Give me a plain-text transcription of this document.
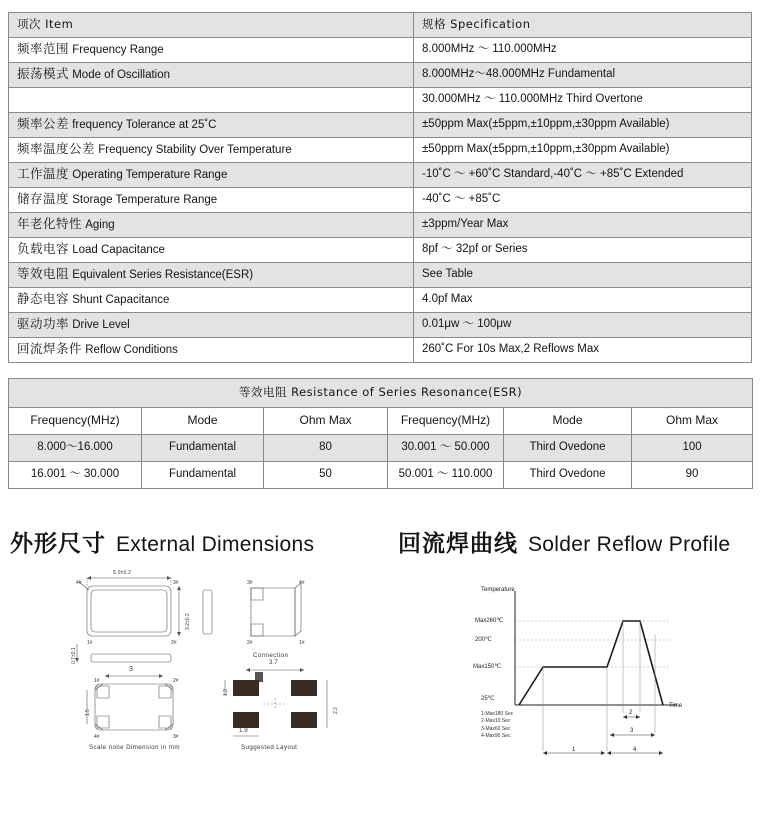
项次 Item	规格 Specification
频率范围 Frequency Range	8.000MHz ～ 110.000MHz
振荡模式 Mode of Oscillation	8.000MHz～48.000MHz Fundamental
	30.000MHz ～ 110.000MHz Third Overtone
频率公差 frequency Tolerance at 25˚C	±50ppm Max(±5ppm,±10ppm,±30ppm Available)
频率温度公差 Frequency Stability Over Temperature	±50ppm Max(±5ppm,±10ppm,±30ppm Available)
工作温度 Operating Temperature Range	-10˚C ～ +60˚C Standard,-40˚C ～ +85˚C Extended
储存温度 Storage Temperature Range	-40˚C ～ +85˚C
年老化特性 Aging	±3ppm/Year Max
负载电容 Load Capacitance	8pf ～ 32pf or Series
等效电阻 Equivalent Series Resistance(ESR)	See Table
静态电容 Shunt Capacitance	4.0pf Max
驱动功率 Drive Level	0.01μw ～ 100μw
回流焊条件 Reflow Conditions	260˚C For 10s Max,2 Reflows Max
等效电阻 Resistance of Series Resonance(ESR)					
Frequency(MHz)	Mode	Ohm Max	Frequency(MHz)	Mode	Ohm Max
8.000～16.000	Fundamental	80	30.001 ～ 50.000	Third Ovedone	100
16.001 ～ 30.000	Fundamental	50	50.001 ～ 110.000	Third Ovedone	90
外形尺寸 External Dimensions	回流焊曲线 Solder Reflow Profile
4#	3#
1#	2#
1#	2#
4#	3#
3#	4#
2#	1#
5.0±0.2
3.2±0.2
0.7±0.1
3
1.5
Scale none Dimension in mm
Connection
Suggested Layout
3.7
1.9
1.2
2.2	2
3
1	4
Temperature
Time
Max260℃
200℃
Max150℃
25℃
1-Max180 Sec
2-Max10 Sec
3-Max60 Sec
4-Max90 Sec
